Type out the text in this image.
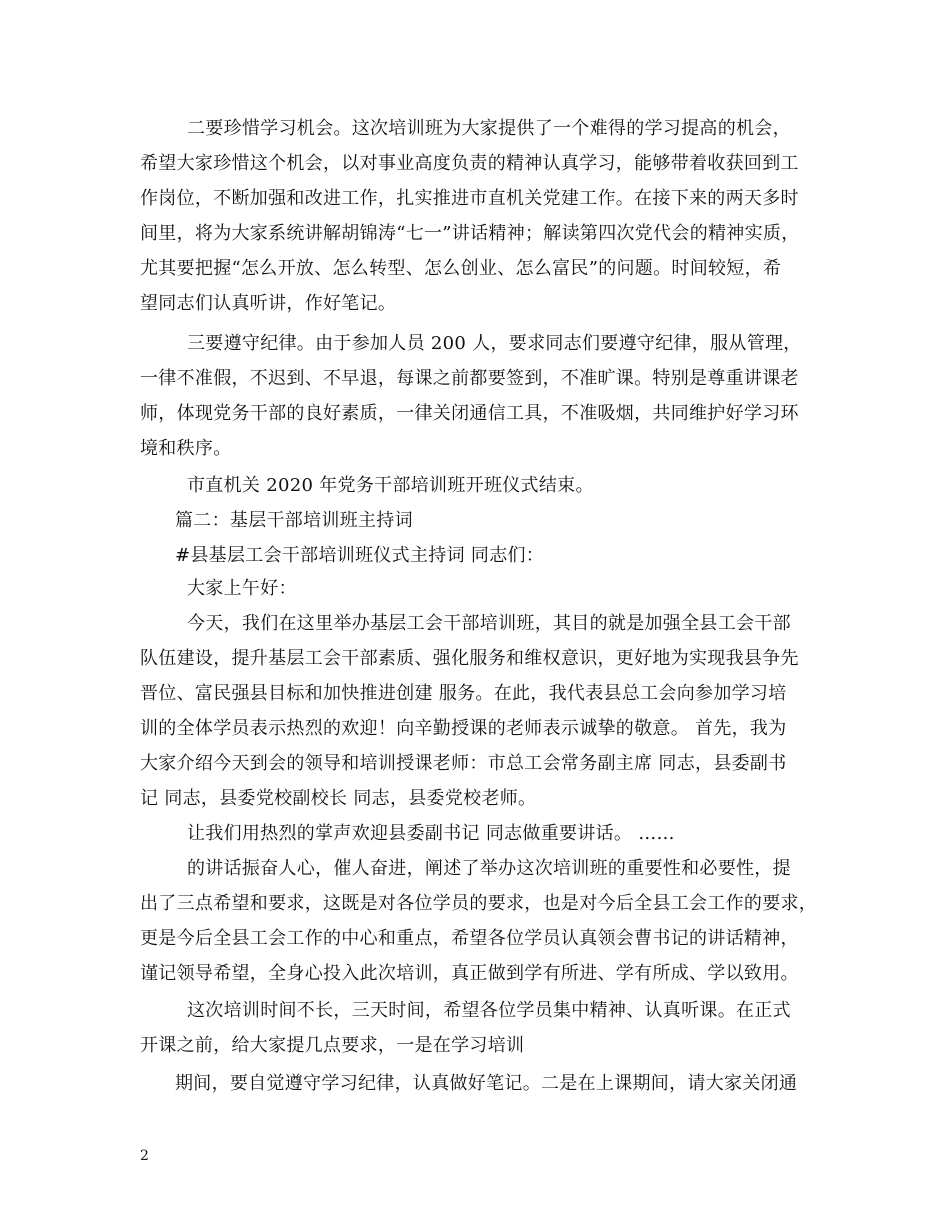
二要珍惜学习机会。这次培训班为大家提供了一个难得的学习提高的机会，
希望大家珍惜这个机会，以对事业高度负责的精神认真学习，能够带着收获回到工
作岗位，不断加强和改进工作，扎实推进市直机关党建工作。在接下来的两天多时
间里，将为大家系统讲解胡锦涛“七一”讲话精神；解读第四次党代会的精神实质，
尤其要把握“怎么开放、怎么转型、怎么创业、怎么富民”的问题。时间较短，希
望同志们认真听讲，作好笔记。
三要遵守纪律。由于参加人员 200 人，要求同志们要遵守纪律，服从管理，
一律不准假，不迟到、不早退，每课之前都要签到，不准旷课。特别是尊重讲课老
师，体现党务干部的良好素质，一律关闭通信工具，不准吸烟，共同维护好学习环
境和秩序。
市直机关 2020 年党务干部培训班开班仪式结束。
篇二：基层干部培训班主持词
#县基层工会干部培训班仪式主持词 同志们：
大家上午好：
今天，我们在这里举办基层工会干部培训班，其目的就是加强全县工会干部
队伍建设，提升基层工会干部素质、强化服务和维权意识，更好地为实现我县争先
晋位、富民强县目标和加快推进创建 服务。在此，我代表县总工会向参加学习培
训的全体学员表示热烈的欢迎！向辛勤授课的老师表示诚挚的敬意。 首先，我为
大家介绍今天到会的领导和培训授课老师：市总工会常务副主席 同志，县委副书
记 同志，县委党校副校长 同志，县委党校老师。
让我们用热烈的掌声欢迎县委副书记 同志做重要讲话。 ……
的讲话振奋人心，催人奋进，阐述了举办这次培训班的重要性和必要性，提
出了三点希望和要求，这既是对各位学员的要求，也是对今后全县工会工作的要求，
更是今后全县工会工作的中心和重点，希望各位学员认真领会曹书记的讲话精神，
谨记领导希望，全身心投入此次培训，真正做到学有所进、学有所成、学以致用。
这次培训时间不长，三天时间，希望各位学员集中精神、认真听课。在正式
开课之前，给大家提几点要求，一是在学习培训
期间，要自觉遵守学习纪律，认真做好笔记。二是在上课期间，请大家关闭通
2
